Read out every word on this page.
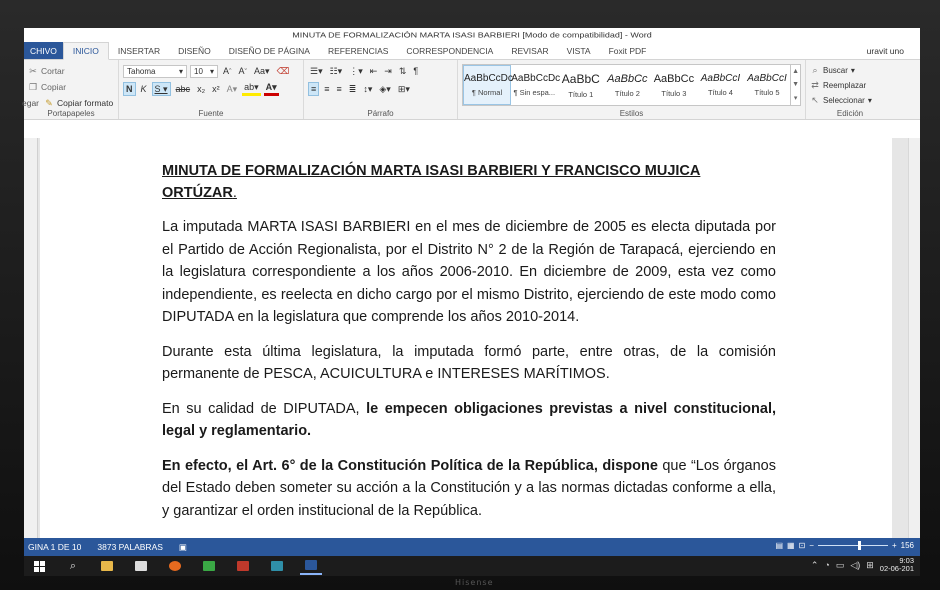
Hisense
MINUTA DE FORMALIZACIÓN MARTA ISASI BARBIERI [Modo de compatibilidad] - Word
CHIVO	INICIO	INSERTAR	DISEÑO	DISEÑO DE PÁGINA	REFERENCIAS	CORRESPONDENCIA	REVISAR	VISTA	Foxit PDF	uravit uno
✂ Cortar
❐ Copiar
egar ✎ Copiar formato
Portapapeles
Tahoma	▾ 10 ▾ A ˆ A ˇ Aa▾ ⌫
N K S ▾ abc x₂ x² A▾ ab▾ A▾
Fuente
☰▾ ☷▾ ⋮▾ ⇤ ⇥ ⇅ ¶
≡ ≡ ≡ ≣ ↕▾ ◈▾ ⊞▾
Párrafo
AaBbCcDc
¶ Normal
AaBbCcDc
¶ Sin espa...
AaBbC
Título 1
AaBbCc
Título 2
AaBbCc
Título 3
AaBbCcI
Título 4
AaBbCcI
Título 5
▲
▼
▾
Estilos
⌕ Buscar ▾
⇄ Reemplazar
↖ Seleccionar ▾
Edición
MINUTA DE FORMALIZACIÓN MARTA ISASI BARBIERI Y FRANCISCO MUJICA ORTÚZAR.

La imputada MARTA ISASI BARBIERI en el mes de diciembre de 2005 es electa diputada por el Partido de Acción Regionalista, por el Distrito N° 2 de la Región de Tarapacá, ejerciendo en la legislatura correspondiente a los años 2006-2010. En diciembre de 2009, esta vez como independiente, es reelecta en dicho cargo por el mismo Distrito, ejerciendo de este modo como DIPUTADA en la legislatura que comprende los años 2010-2014.

Durante esta última legislatura, la imputada formó parte, entre otras, de la comisión permanente de PESCA, ACUICULTURA e INTERESES MARÍTIMOS.

En su calidad de DIPUTADA, le empecen obligaciones previstas a nivel constitucional, legal y reglamentario.

En efecto, el Art. 6° de la Constitución Política de la República, dispone que “Los órganos del Estado deben someter su acción a la Constitución y a las normas dictadas conforme a ella, y garantizar el orden institucional de la República.

GINA 1 DE 10 3873 PALABRAS ▣	▤ ▦ ⊡ −	+ 156
⌕	⌃ ◔ ▭ ◁) ⊞	9:03
02-06-201
